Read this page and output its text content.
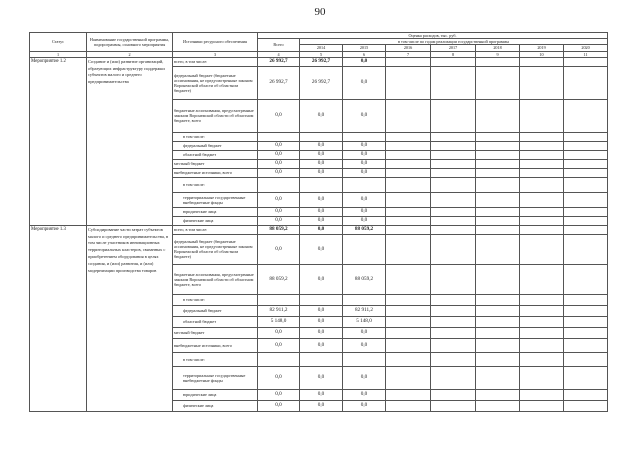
90
Статус	Наименование государственной программы, подпрограммы, основного мероприятия	Источники ресурсного обеспечения	Оценка расходов, тыс. руб.							
			Всего	в том числе по годам реализации государственной программы						
				2014	2015	2016	2017	2018	2019	2020
1	2	3	4	5	6	7	8	9	10	11
Мероприятие 1.2	Создание и (или) развитие организаций, образующих инфраструктуру поддержки субъектов малого и среднего предпринимательства	всего, в том числе:	26 992,7	26 992,7	0,0					
		федеральный бюджет (бюджетные ассигнования, не предусмотренные законом Воронежской области об областном бюджете)	26 992,7	26 992,7	0,0					
		бюджетные ассигнования, предусмотренные законом Воронежской области об областном бюджете, всего	0,0	0,0	0,0					
		в том числе:								
		федеральный бюджет	0,0	0,0	0,0					
		областной бюджет	0,0	0,0	0,0					
		местный бюджет	0,0	0,0	0,0					
		внебюджетные источники, всего	0,0	0,0	0,0					
		в том числе:								
		территориальные государственные внебюджетные фонды	0,0	0,0	0,0					
		юридические лица	0,0	0,0	0,0					
		физические лица	0,0	0,0	0,0					
Мероприятие 1.3	Субсидирование части затрат субъектов малого и среднего предпринимательства, в том числе участников инновационных территориальных кластеров, связанных с приобретением оборудования в целях создания, и (или) развития, и (или) модернизации производства товаров	всего, в том числе:	88 059,2	0,0	88 059,2					
		федеральный бюджет (бюджетные ассигнования, не предусмотренные законом Воронежской области об областном бюджете)	0,0	0,0						
		бюджетные ассигнования, предусмотренные законом Воронежской области об областном бюджете, всего	88 059,2	0,0	88 059,2					
		в том числе:								
		федеральный бюджет	82 911,2	0,0	82 911,2					
		областной бюджет	5 148,0	0,0	5 148,0					
		местный бюджет	0,0	0,0	0,0					
		внебюджетные источники, всего	0,0	0,0	0,0					
		в том числе:								
		территориальные государственные внебюджетные фонды	0,0	0,0	0,0					
		юридические лица	0,0	0,0	0,0					
		физические лица	0,0	0,0	0,0					
